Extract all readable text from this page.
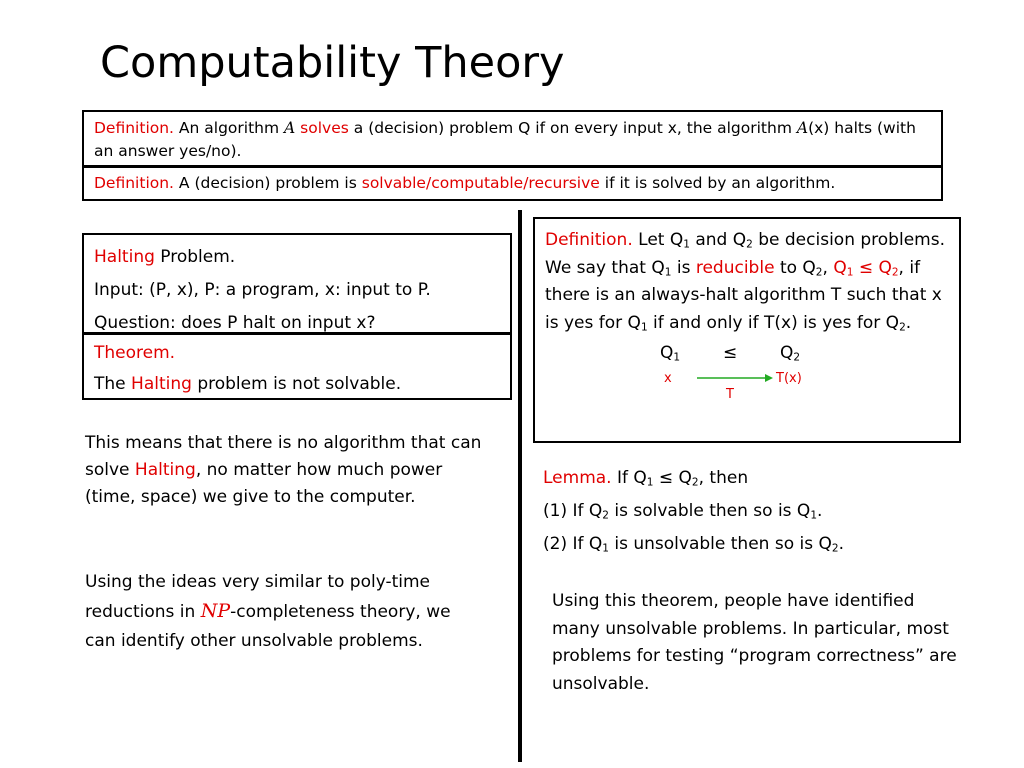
Computability Theory
Definition. An algorithm A solves a (decision) problem Q if on every input x, the algorithm A(x) halts (with an answer yes/no).
Definition. A (decision) problem is solvable/computable/recursive if it is solved by an algorithm.
Halting Problem.
Input: (P, x), P: a program, x: input to P.
Question: does P halt on input x?
Theorem.
The Halting problem is not solvable.
This means that there is no algorithm that can solve Halting, no matter how much power (time, space) we give to the computer.
Using the ideas very similar to poly-time reductions in NP-completeness theory, we can identify other unsolvable problems.
Definition. Let $Q_1$ and $Q_2$ be decision problems. We say that $Q_1$ is reducible to $Q_2$, $Q_1 \le Q_2$, if there is an always-halt algorithm T such that x is yes for $Q_1$ if and only if T(x) is yes for $Q_2$.
$Q_1$	≤	$Q_2$
x	T(x)
T
Lemma. If $Q_1 \le Q_2$, then
(1) If $Q_2$ is solvable then so is $Q_1$.
(2) If $Q_1$ is unsolvable then so is $Q_2$.
Using this theorem, people have identified many unsolvable problems. In particular, most problems for testing “program correctness” are unsolvable.
